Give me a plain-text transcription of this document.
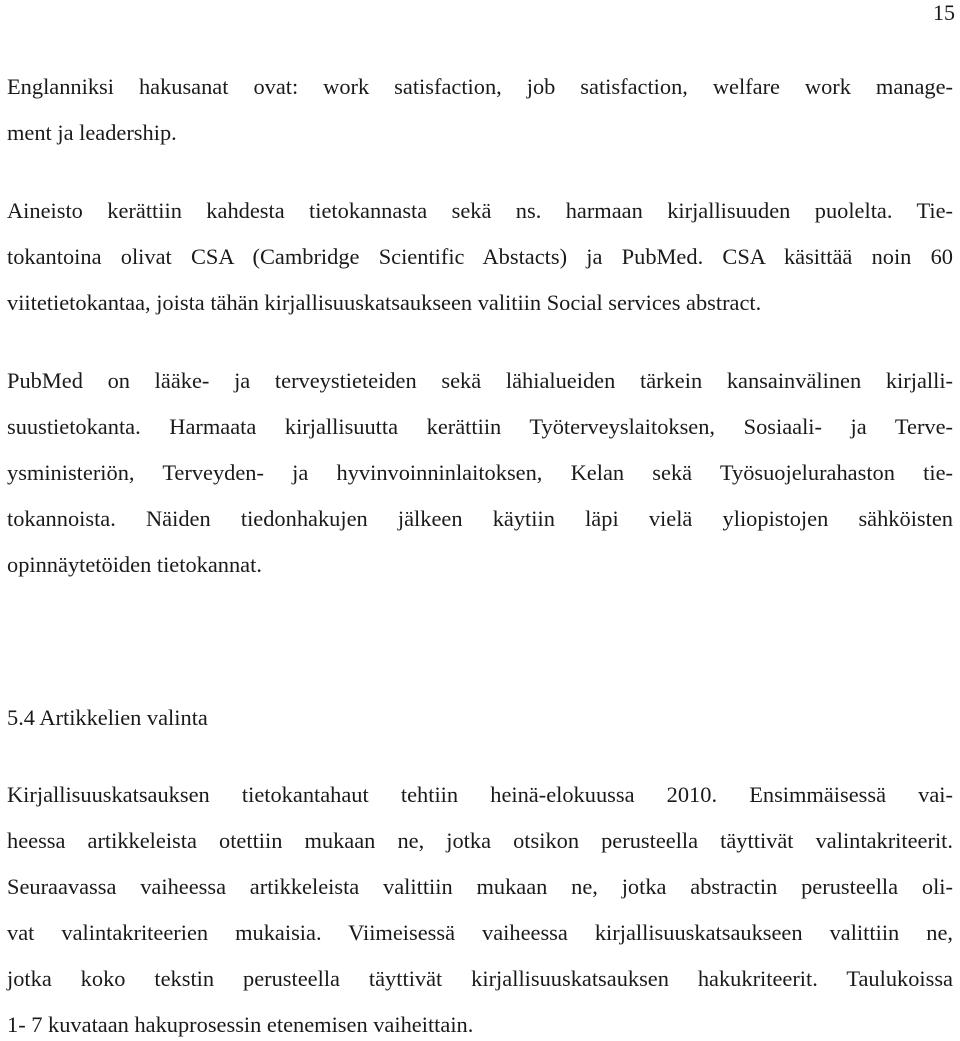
15
Englanniksi hakusanat ovat: work satisfaction, job satisfaction, welfare work manage-
ment ja leadership.
Aineisto kerättiin kahdesta tietokannasta sekä ns. harmaan kirjallisuuden puolelta. Tie-
tokantoina olivat CSA (Cambridge Scientific Abstacts) ja PubMed. CSA käsittää noin 60
viitetietokantaa, joista tähän kirjallisuuskatsaukseen valitiin Social services abstract.
PubMed on lääke- ja terveystieteiden sekä lähialueiden tärkein kansainvälinen kirjalli-
suustietokanta. Harmaata kirjallisuutta kerättiin Työterveyslaitoksen, Sosiaali- ja Terve-
ysministeriön, Terveyden- ja hyvinvoinninlaitoksen, Kelan sekä Työsuojelurahaston tie-
tokannoista. Näiden tiedonhakujen jälkeen käytiin läpi vielä yliopistojen sähköisten
opinnäytetöiden tietokannat.
5.4 Artikkelien valinta
Kirjallisuuskatsauksen tietokantahaut tehtiin heinä-elokuussa 2010. Ensimmäisessä vai-
heessa artikkeleista otettiin mukaan ne, jotka otsikon perusteella täyttivät valintakriteerit.
Seuraavassa vaiheessa artikkeleista valittiin mukaan ne, jotka abstractin perusteella oli-
vat valintakriteerien mukaisia. Viimeisessä vaiheessa kirjallisuuskatsaukseen valittiin ne,
jotka koko tekstin perusteella täyttivät kirjallisuuskatsauksen hakukriteerit. Taulukoissa
1- 7 kuvataan hakuprosessin etenemisen vaiheittain.
